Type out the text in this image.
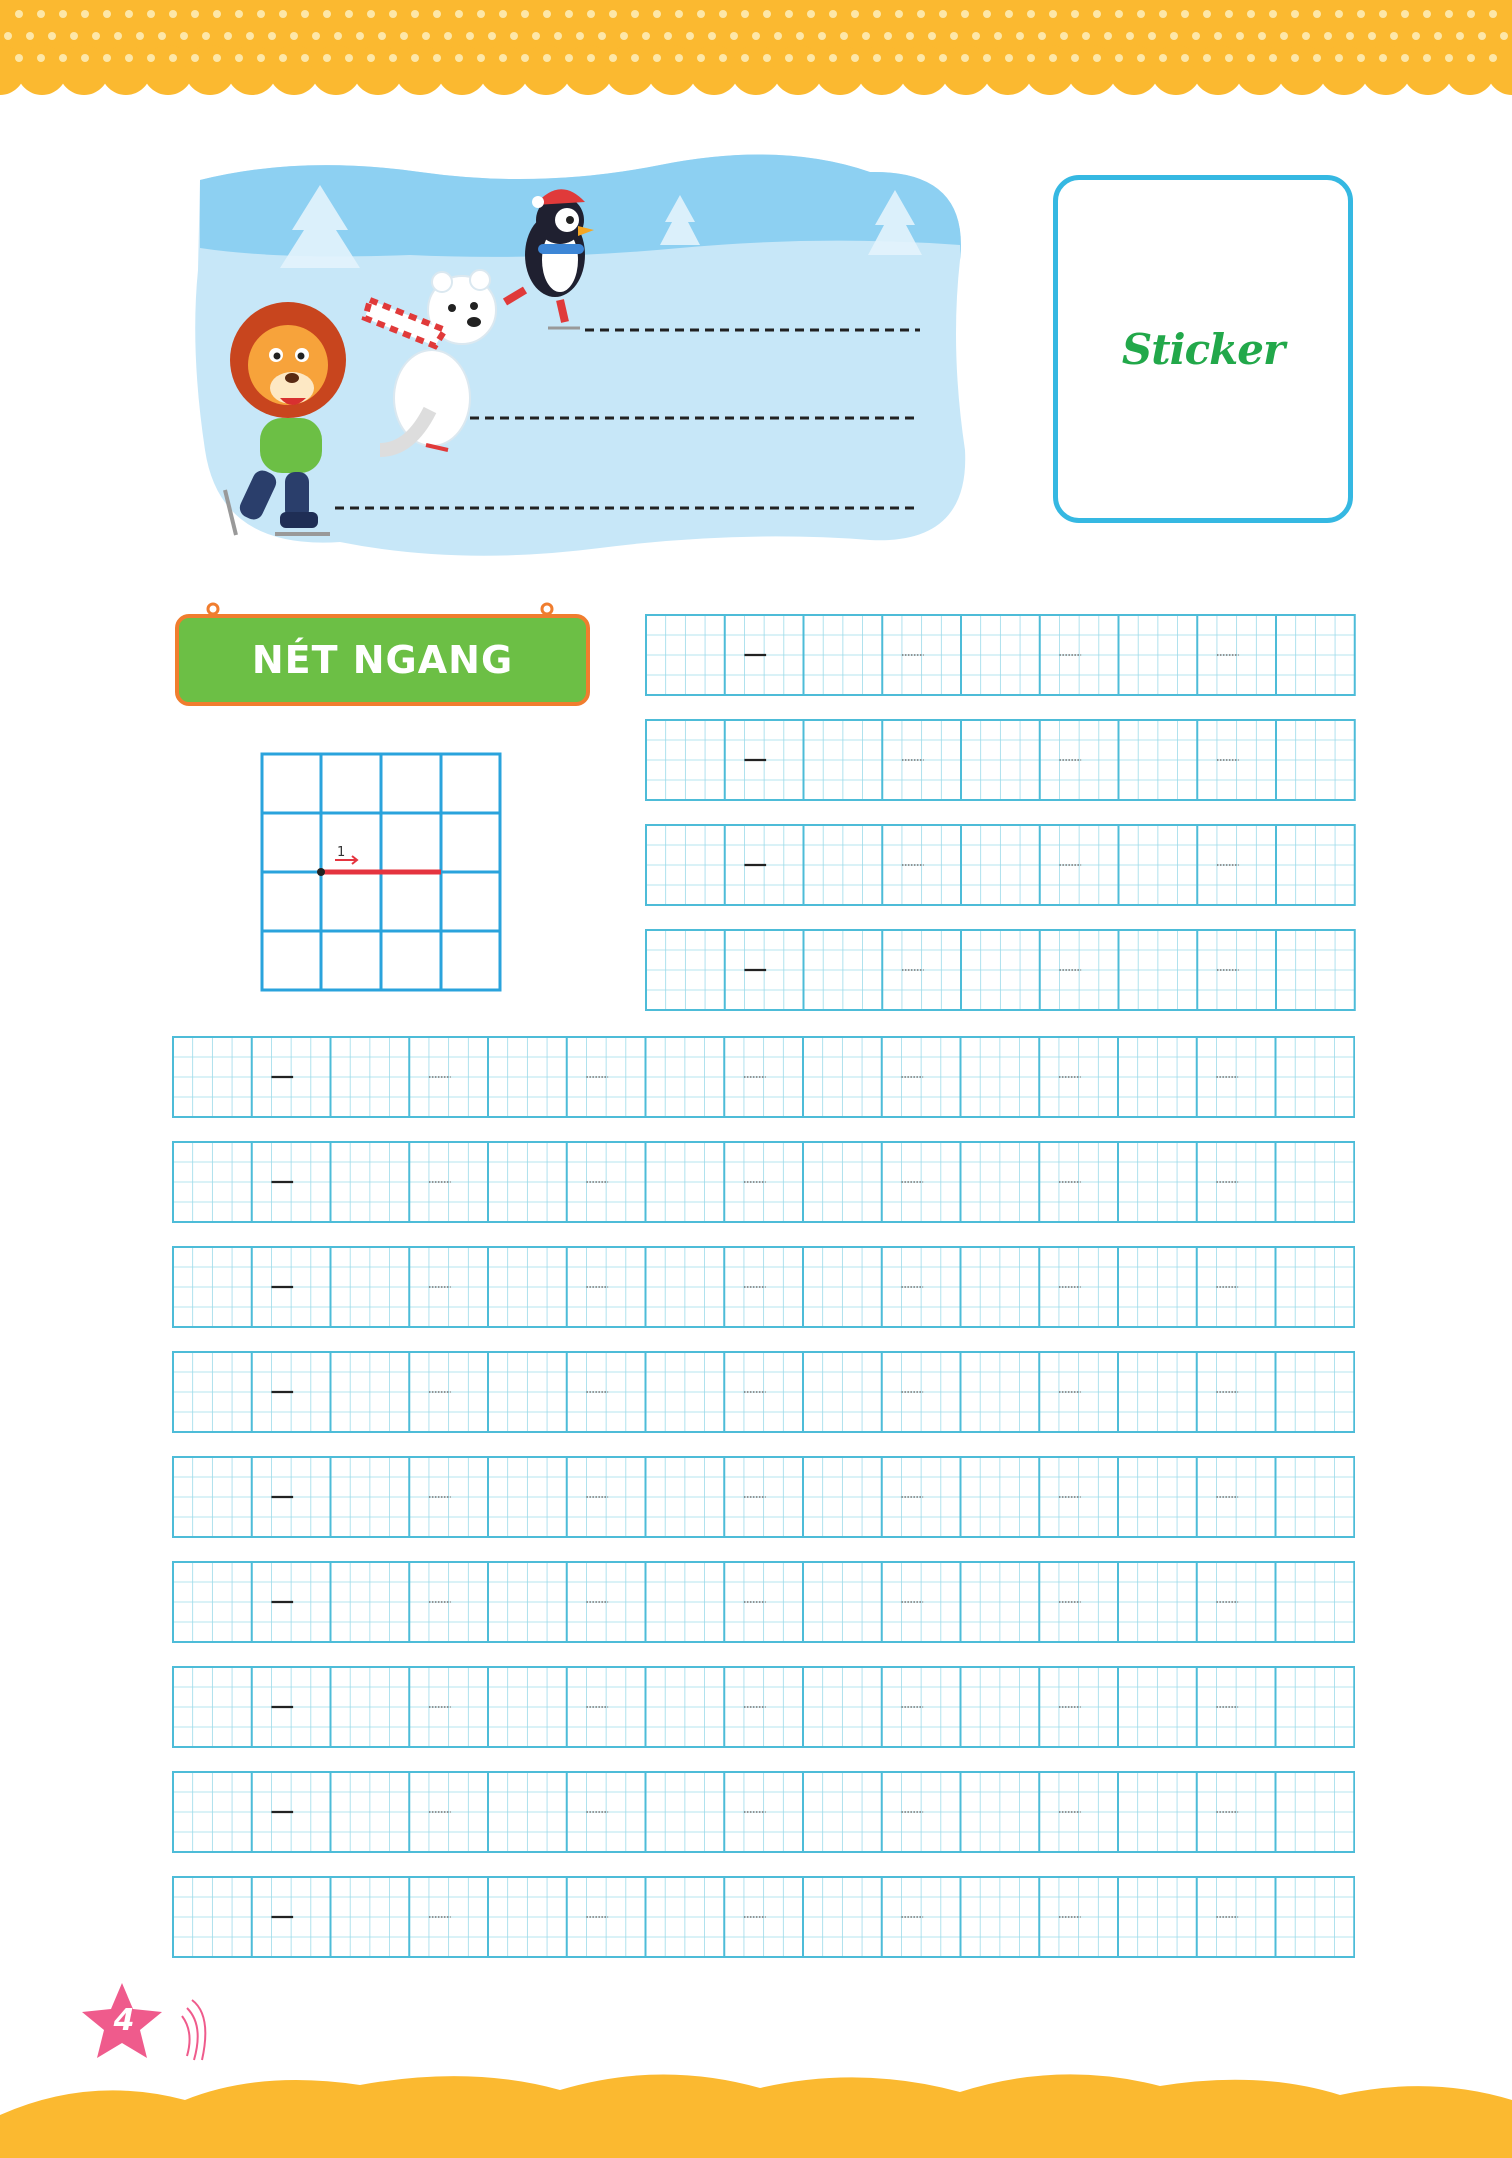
Sticker
NÉT NGANG
1
4
